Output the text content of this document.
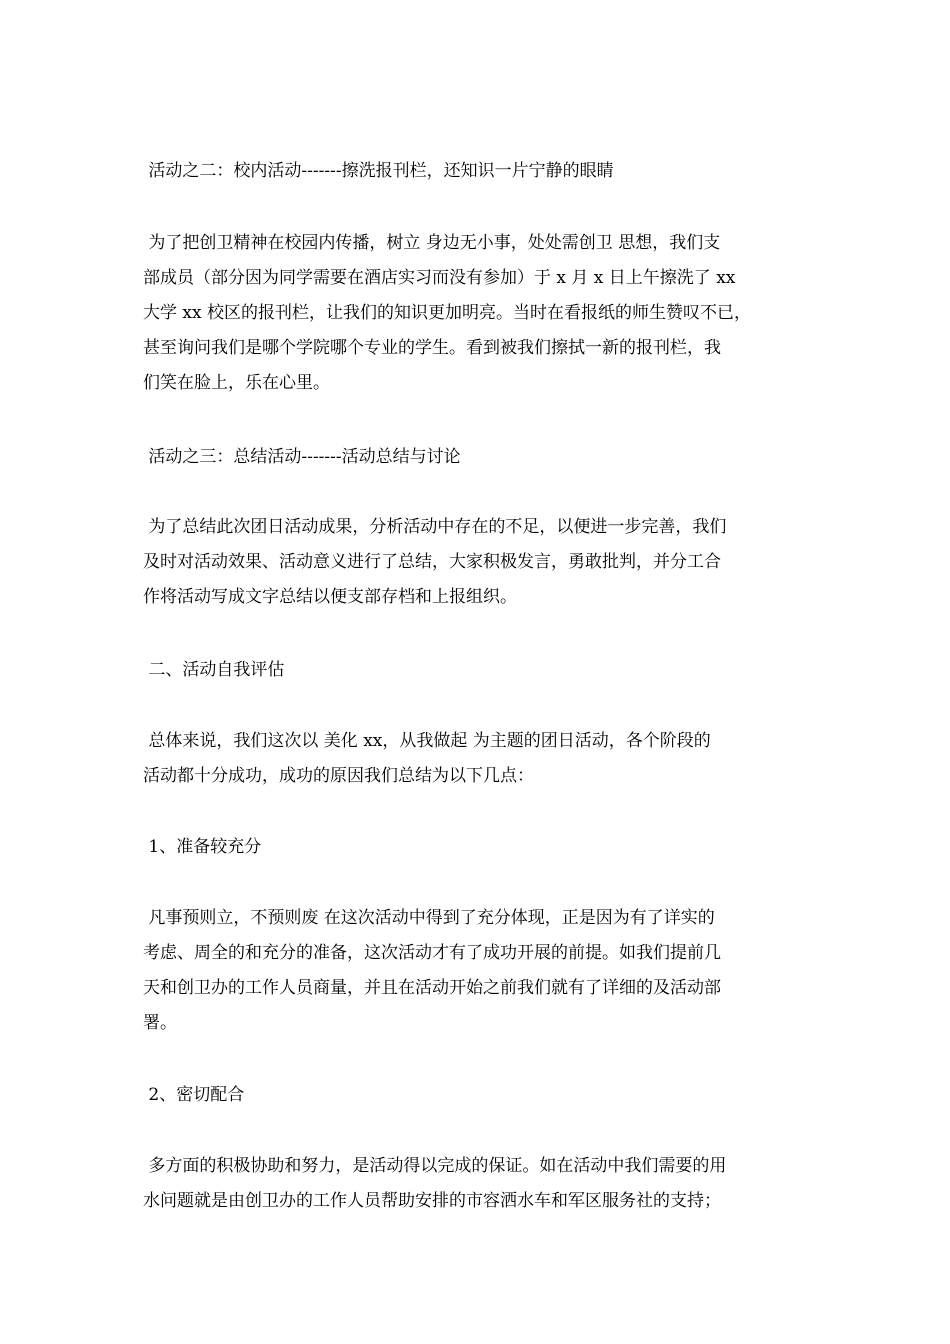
活动之二：校内活动-------擦洗报刊栏，还知识一片宁静的眼睛
为了把创卫精神在校园内传播，树立 身边无小事，处处需创卫 思想，我们支
部成员（部分因为同学需要在酒店实习而没有参加）于 x 月 x 日上午擦洗了 xx
大学 xx 校区的报刊栏，让我们的知识更加明亮。当时在看报纸的师生赞叹不已，
甚至询问我们是哪个学院哪个专业的学生。看到被我们擦拭一新的报刊栏，我
们笑在脸上，乐在心里。
活动之三：总结活动-------活动总结与讨论
为了总结此次团日活动成果，分析活动中存在的不足，以便进一步完善，我们
及时对活动效果、活动意义进行了总结，大家积极发言，勇敢批判，并分工合
作将活动写成文字总结以便支部存档和上报组织。
二、活动自我评估
总体来说，我们这次以 美化 xx，从我做起 为主题的团日活动，各个阶段的
活动都十分成功，成功的原因我们总结为以下几点：
1、准备较充分
凡事预则立，不预则废 在这次活动中得到了充分体现，正是因为有了详实的
考虑、周全的和充分的准备，这次活动才有了成功开展的前提。如我们提前几
天和创卫办的工作人员商量，并且在活动开始之前我们就有了详细的及活动部
署。
2、密切配合
多方面的积极协助和努力，是活动得以完成的保证。如在活动中我们需要的用
水问题就是由创卫办的工作人员帮助安排的市容洒水车和军区服务社的支持；
